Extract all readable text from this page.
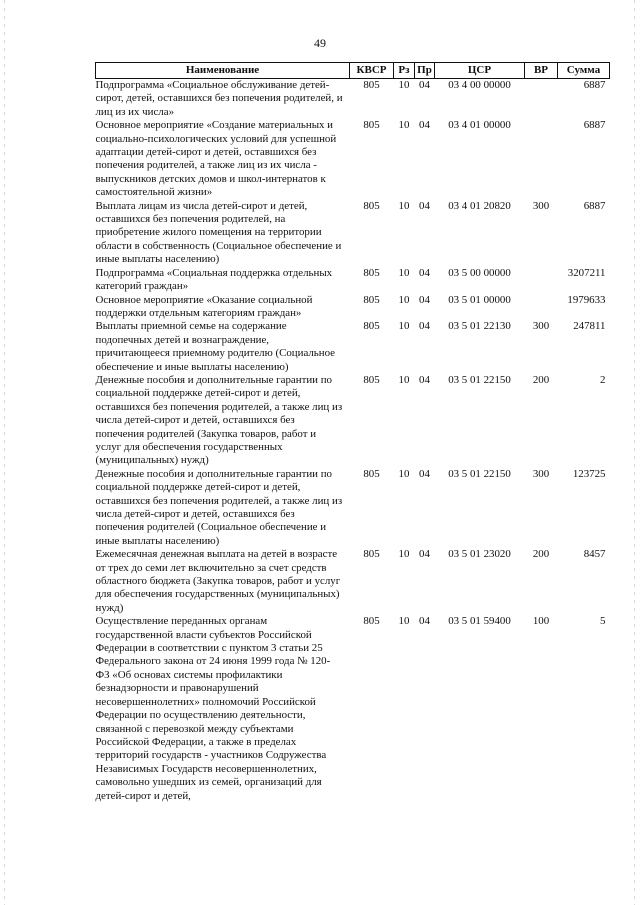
49
Наименование	КВСР	Рз	Пр	ЦСР	ВР	Сумма
Подпрограмма «Социальное обслуживание детей-сирот, детей, оставшихся без попечения родителей, и лиц из их числа»	805	10	04	03 4 00 00000		6887
Основное мероприятие «Создание материальных и социально-психологических условий для успешной адаптации детей-сирот и детей, оставшихся без попечения родителей, а также лиц из их числа - выпускников детских домов и школ-интернатов к самостоятельной жизни»	805	10	04	03 4 01 00000		6887
Выплата лицам из числа детей-сирот и детей, оставшихся без попечения родителей, на приобретение жилого помещения на территории области в собственность (Социальное обеспечение и иные выплаты населению)	805	10	04	03 4 01 20820	300	6887
Подпрограмма «Социальная поддержка отдельных категорий граждан»	805	10	04	03 5 00 00000		3207211
Основное мероприятие «Оказание социальной поддержки отдельным категориям граждан»	805	10	04	03 5 01 00000		1979633
Выплаты приемной семье на содержание подопечных детей и вознаграждение, причитающееся приемному родителю (Социальное обеспечение и иные выплаты населению)	805	10	04	03 5 01 22130	300	247811
Денежные пособия и дополнительные гарантии по социальной поддержке детей-сирот и детей, оставшихся без попечения родителей, а также лиц из числа детей-сирот и детей, оставшихся без попечения родителей (Закупка товаров, работ и услуг для обеспечения государственных (муниципальных) нужд)	805	10	04	03 5 01 22150	200	2
Денежные пособия и дополнительные гарантии по социальной поддержке детей-сирот и детей, оставшихся без попечения родителей, а также лиц из числа детей-сирот и детей, оставшихся без попечения родителей (Социальное обеспечение и иные выплаты населению)	805	10	04	03 5 01 22150	300	123725
Ежемесячная денежная выплата на детей в возрасте от трех до семи лет включительно за счет средств областного бюджета (Закупка товаров, работ и услуг для обеспечения государственных (муниципальных) нужд)	805	10	04	03 5 01 23020	200	8457
Осуществление переданных органам государственной власти субъектов Российской Федерации в соответствии с пунктом 3 статьи 25 Федерального закона от 24 июня 1999 года № 120-ФЗ «Об основах системы профилактики безнадзорности и правонарушений несовершеннолетних» полномочий Российской Федерации по осуществлению деятельности, связанной с перевозкой между субъектами Российской Федерации, а также в пределах территорий государств - участников Содружества Независимых Государств несовершеннолетних, самовольно ушедших из семей, организаций для детей-сирот и детей,	805	10	04	03 5 01 59400	100	5
